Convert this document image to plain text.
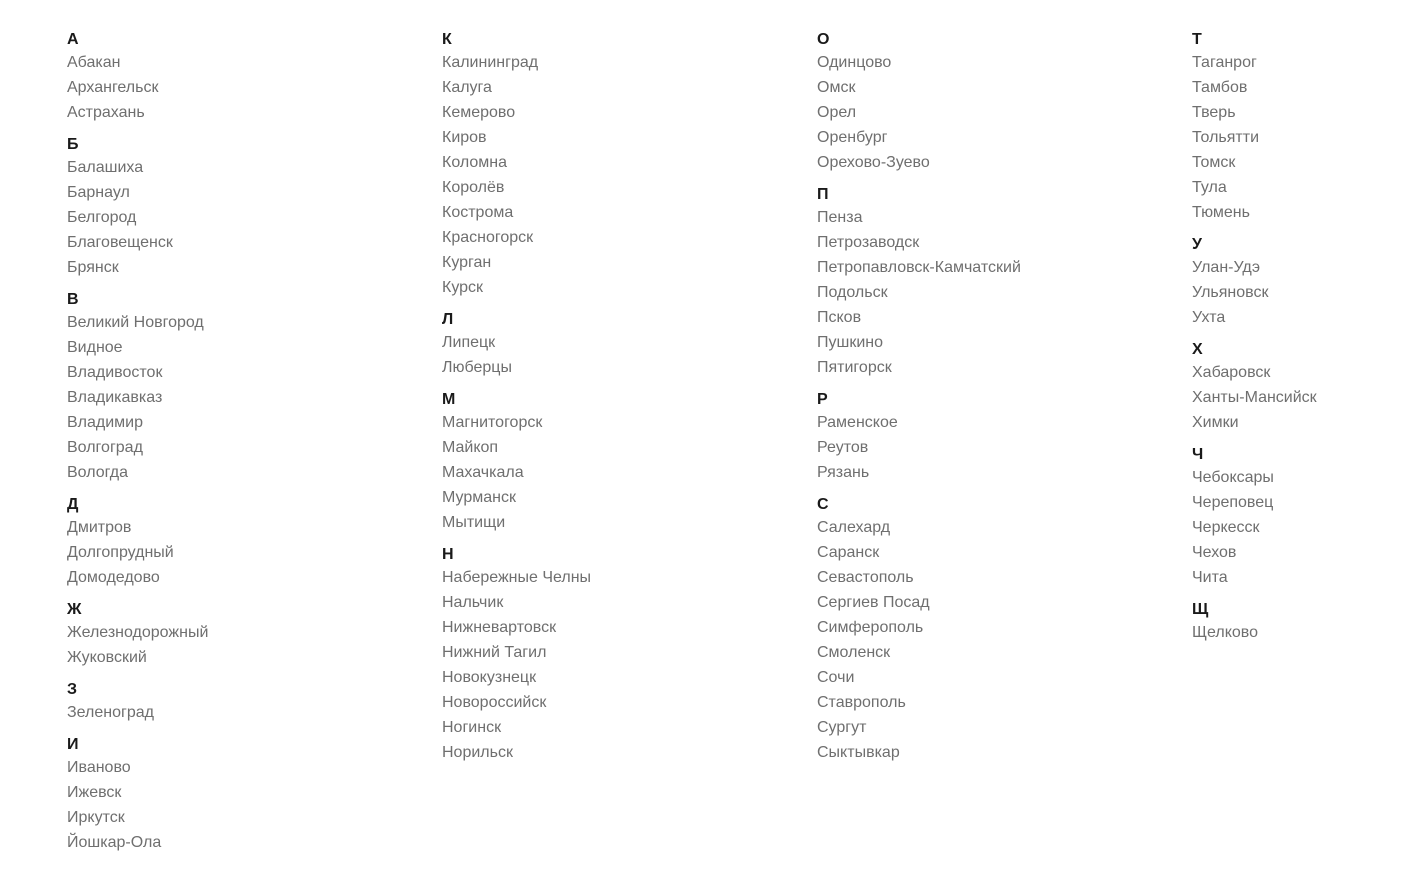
А
Абакан
Архангельск
Астрахань
Б
Балашиха
Барнаул
Белгород
Благовещенск
Брянск
В
Великий Новгород
Видное
Владивосток
Владикавказ
Владимир
Волгоград
Вологда
Д
Дмитров
Долгопрудный
Домодедово
Ж
Железнодорожный
Жуковский
З
Зеленоград
И
Иваново
Ижевск
Иркутск
Йошкар-Ола
К
Калининград
Калуга
Кемерово
Киров
Коломна
Королёв
Кострома
Красногорск
Курган
Курск
Л
Липецк
Люберцы
М
Магнитогорск
Майкоп
Махачкала
Мурманск
Мытищи
Н
Набережные Челны
Нальчик
Нижневартовск
Нижний Тагил
Новокузнецк
Новороссийск
Ногинск
Норильск
О
Одинцово
Омск
Орел
Оренбург
Орехово-Зуево
П
Пенза
Петрозаводск
Петропавловск-Камчатский
Подольск
Псков
Пушкино
Пятигорск
Р
Раменское
Реутов
Рязань
С
Салехард
Саранск
Севастополь
Сергиев Посад
Симферополь
Смоленск
Сочи
Ставрополь
Сургут
Сыктывкар
Т
Таганрог
Тамбов
Тверь
Тольятти
Томск
Тула
Тюмень
У
Улан-Удэ
Ульяновск
Ухта
Х
Хабаровск
Ханты-Мансийск
Химки
Ч
Чебоксары
Череповец
Черкесск
Чехов
Чита
Щ
Щелково
